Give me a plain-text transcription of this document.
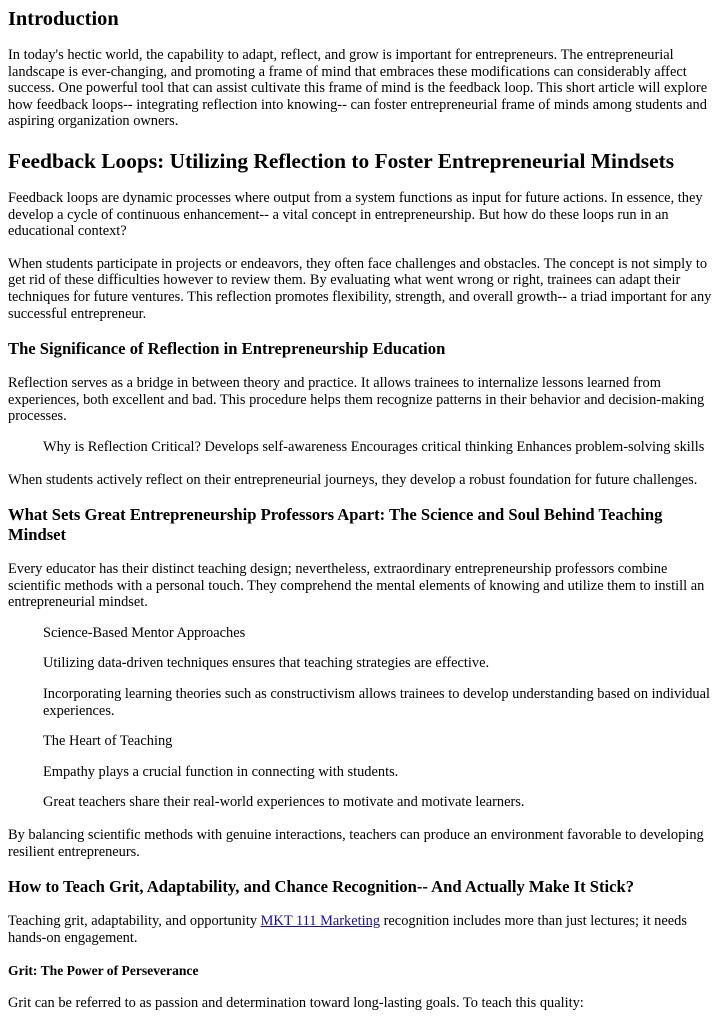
Introduction

In today's hectic world, the capability to adapt, reflect, and grow is important for entrepreneurs. The entrepreneurial landscape is ever-changing, and promoting a frame of mind that embraces these modifications can considerably affect success. One powerful tool that can assist cultivate this frame of mind is the feedback loop. This short article will explore how feedback loops-- integrating reflection into knowing-- can foster entrepreneurial frame of minds among students and aspiring organization owners.

Feedback Loops: Utilizing Reflection to Foster Entrepreneurial Mindsets

Feedback loops are dynamic processes where output from a system functions as input for future actions. In essence, they develop a cycle of continuous enhancement-- a vital concept in entrepreneurship. But how do these loops run in an educational context?

When students participate in projects or endeavors, they often face challenges and obstacles. The concept is not simply to get rid of these difficulties however to review them. By evaluating what went wrong or right, trainees can adapt their techniques for future ventures. This reflection promotes flexibility, strength, and overall growth-- a triad important for any successful entrepreneur.

The Significance of Reflection in Entrepreneurship Education

Reflection serves as a bridge in between theory and practice. It allows trainees to internalize lessons learned from experiences, both excellent and bad. This procedure helps them recognize patterns in their behavior and decision-making processes.

Why is Reflection Critical? Develops self-awareness Encourages critical thinking Enhances problem-solving skills

When students actively reflect on their entrepreneurial journeys, they develop a robust foundation for future challenges.

What Sets Great Entrepreneurship Professors Apart: The Science and Soul Behind Teaching Mindset

Every educator has their distinct teaching design; nevertheless, extraordinary entrepreneurship professors combine scientific methods with a personal touch. They comprehend the mental elements of knowing and utilize them to instill an entrepreneurial mindset.

Science-Based Mentor Approaches

Utilizing data-driven techniques ensures that teaching strategies are effective.

Incorporating learning theories such as constructivism allows trainees to develop understanding based on individual experiences.

The Heart of Teaching

Empathy plays a crucial function in connecting with students.

Great teachers share their real-world experiences to motivate and motivate learners.

By balancing scientific methods with genuine interactions, teachers can produce an environment favorable to developing resilient entrepreneurs.

How to Teach Grit, Adaptability, and Chance Recognition-- And Actually Make It Stick?

Teaching grit, adaptability, and opportunity MKT 111 Marketing recognition includes more than just lectures; it needs hands-on engagement.

Grit: The Power of Perseverance

Grit can be referred to as passion and determination toward long-lasting goals. To teach this quality:
